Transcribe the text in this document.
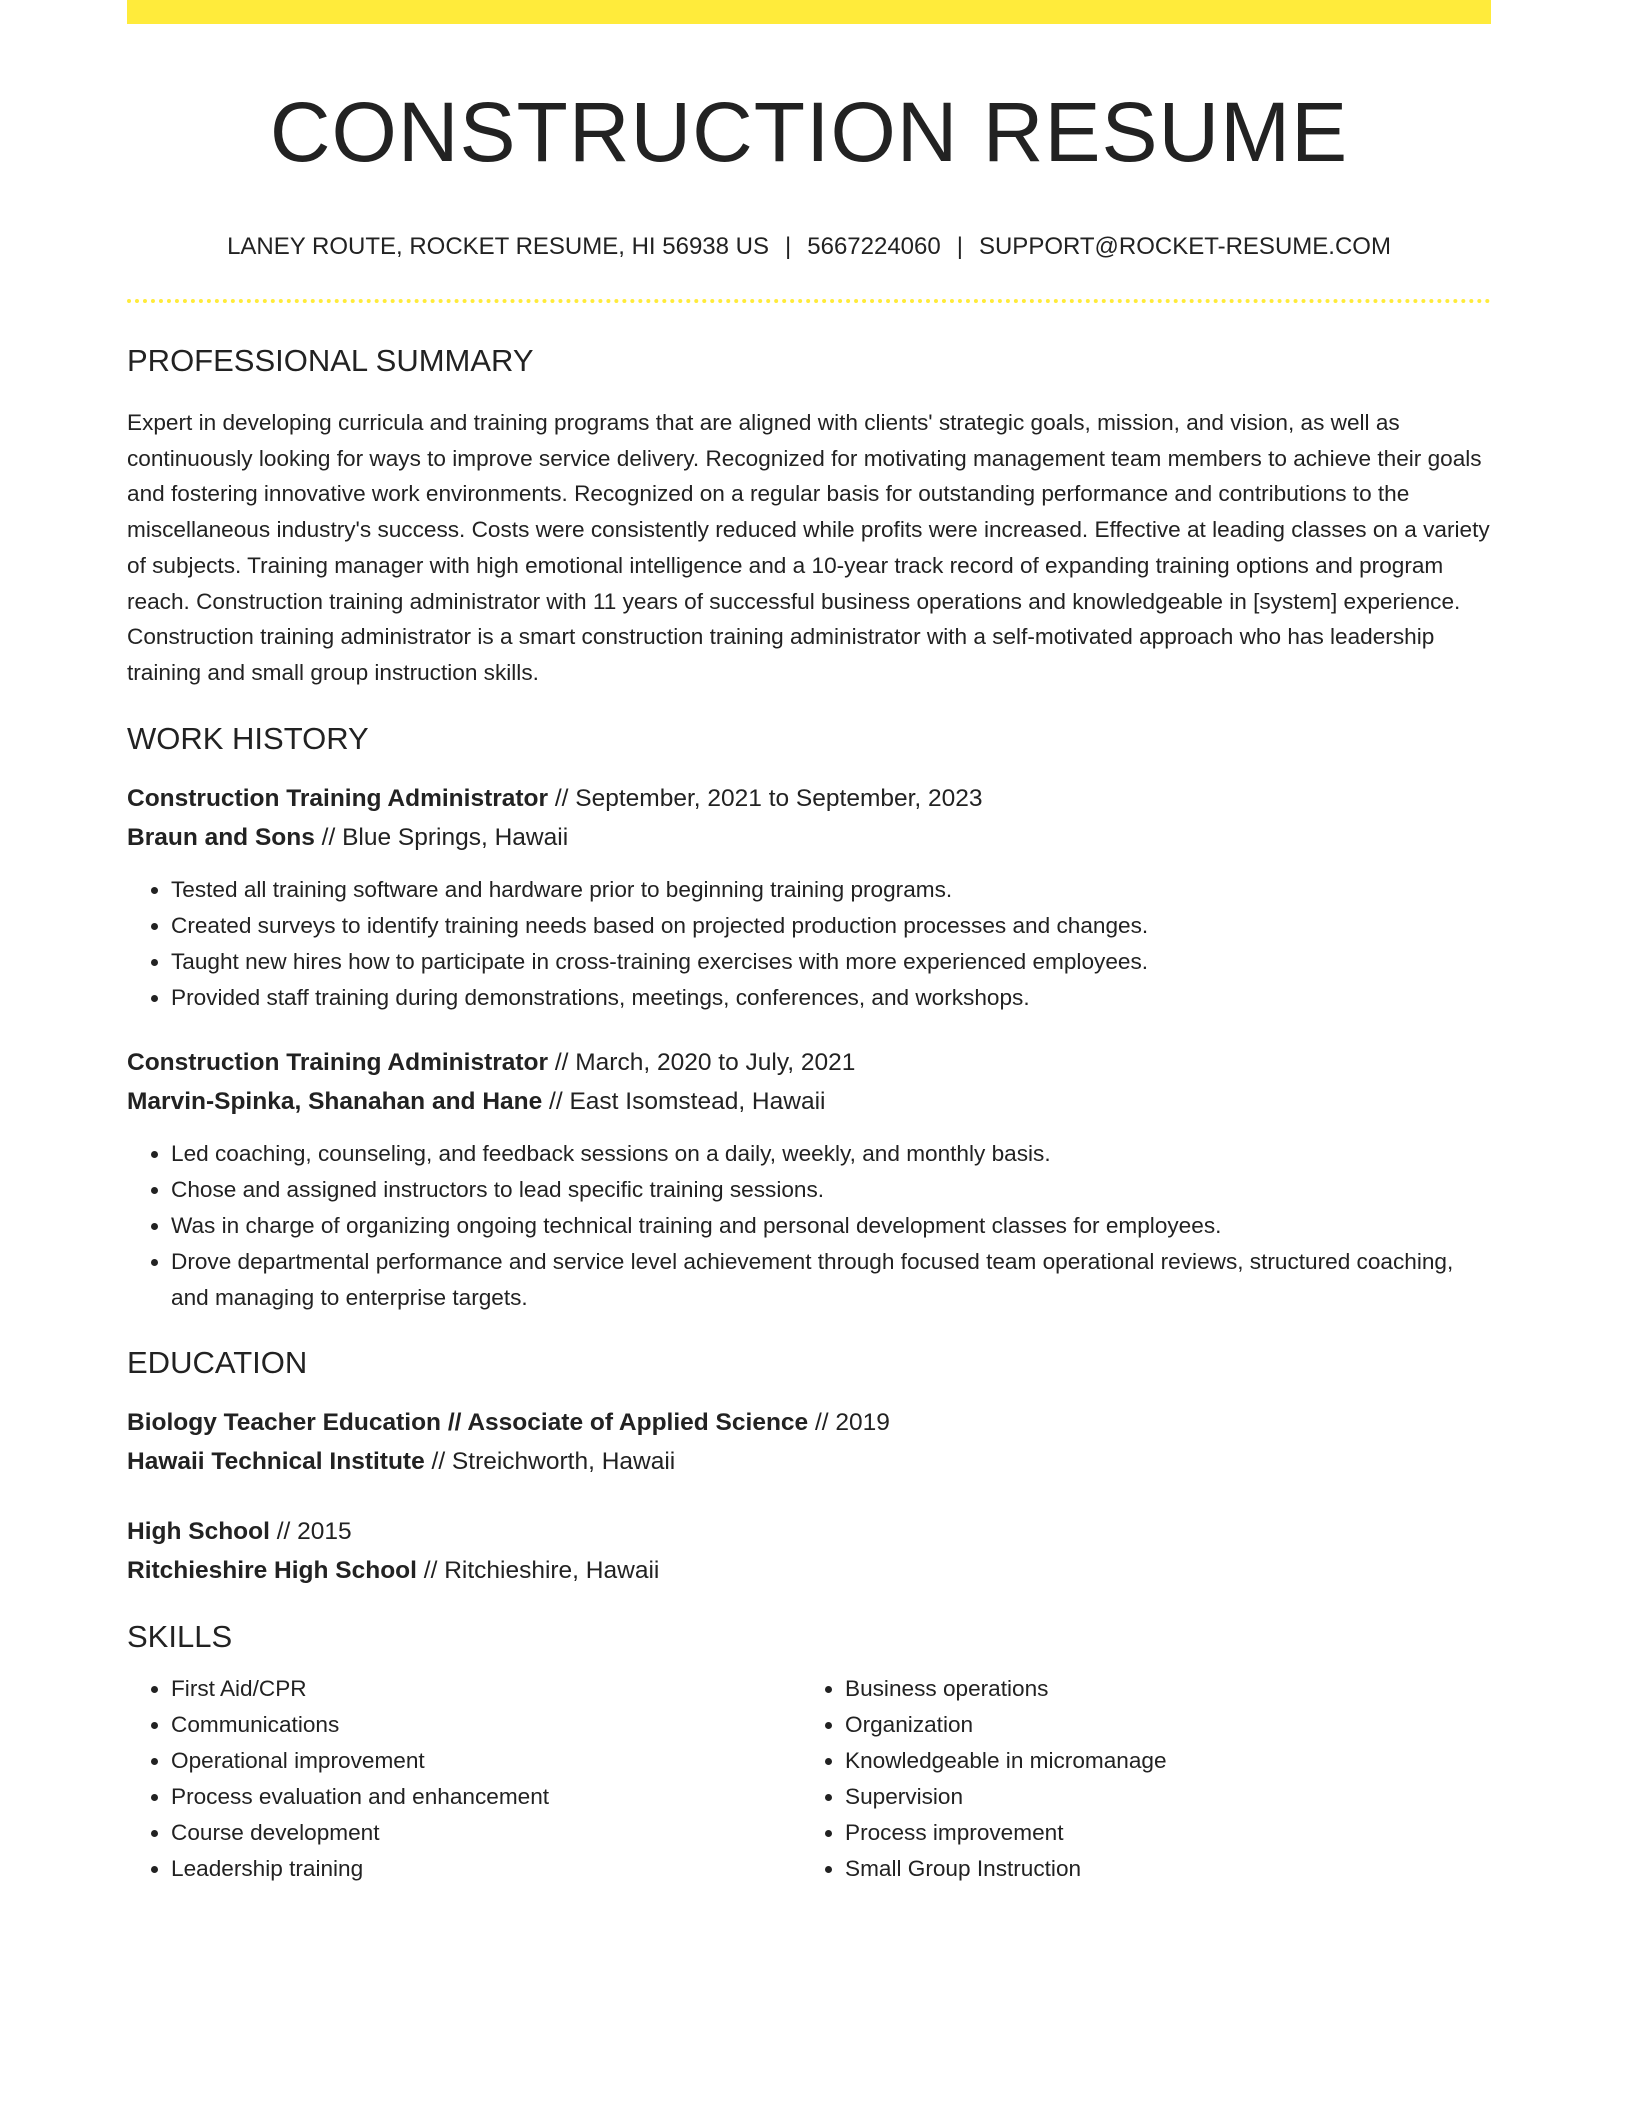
CONSTRUCTION RESUME
LANEY ROUTE, ROCKET RESUME, HI 56938 US | 5667224060 | SUPPORT@ROCKET-RESUME.COM
PROFESSIONAL SUMMARY
Expert in developing curricula and training programs that are aligned with clients' strategic goals, mission, and vision, as well as continuously looking for ways to improve service delivery. Recognized for motivating management team members to achieve their goals and fostering innovative work environments. Recognized on a regular basis for outstanding performance and contributions to the miscellaneous industry's success. Costs were consistently reduced while profits were increased. Effective at leading classes on a variety of subjects. Training manager with high emotional intelligence and a 10-year track record of expanding training options and program reach. Construction training administrator with 11 years of successful business operations and knowledgeable in [system] experience. Construction training administrator is a smart construction training administrator with a self-motivated approach who has leadership training and small group instruction skills.
WORK HISTORY
Construction Training Administrator // September, 2021 to September, 2023
Braun and Sons // Blue Springs, Hawaii
• Tested all training software and hardware prior to beginning training programs.
• Created surveys to identify training needs based on projected production processes and changes.
• Taught new hires how to participate in cross-training exercises with more experienced employees.
• Provided staff training during demonstrations, meetings, conferences, and workshops.
Construction Training Administrator // March, 2020 to July, 2021
Marvin-Spinka, Shanahan and Hane // East Isomstead, Hawaii
• Led coaching, counseling, and feedback sessions on a daily, weekly, and monthly basis.
• Chose and assigned instructors to lead specific training sessions.
• Was in charge of organizing ongoing technical training and personal development classes for employees.
• Drove departmental performance and service level achievement through focused team operational reviews, structured coaching, and managing to enterprise targets.
EDUCATION
Biology Teacher Education // Associate of Applied Science // 2019
Hawaii Technical Institute // Streichworth, Hawaii
High School // 2015
Ritchieshire High School // Ritchieshire, Hawaii
SKILLS
• First Aid/CPR
• Communications
• Operational improvement
• Process evaluation and enhancement
• Course development
• Leadership training
• Business operations
• Organization
• Knowledgeable in micromanage
• Supervision
• Process improvement
• Small Group Instruction
